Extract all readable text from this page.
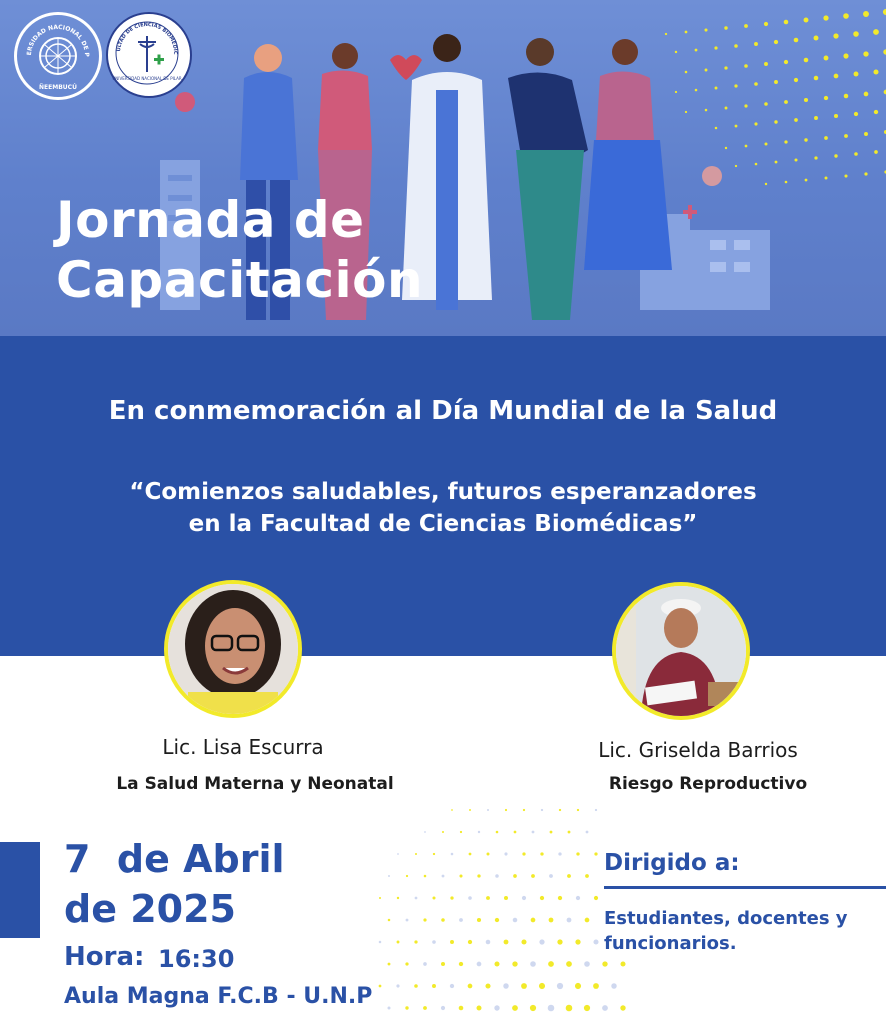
ERSIDAD NACIONAL DE P
ÑEEMBUCÚ
ULTAD DE CIENCIAS BIOMÉDIC
UNIVERSIDAD NACIONAL DE PILAR
Jornada de
Capacitación
En conmemoración al Día Mundial de la Salud
“Comienzos saludables, futuros esperanzadores
en la Facultad de Ciencias Biomédicas”
Lic. Lisa Escurra
La Salud Materna y Neonatal
Lic. Griselda Barrios
Riesgo Reproductivo
7  de Abril
de 2025
Hora: 16:30
Aula Magna F.C.B - U.N.P
Dirigido a:
Estudiantes, docentes y
funcionarios.
